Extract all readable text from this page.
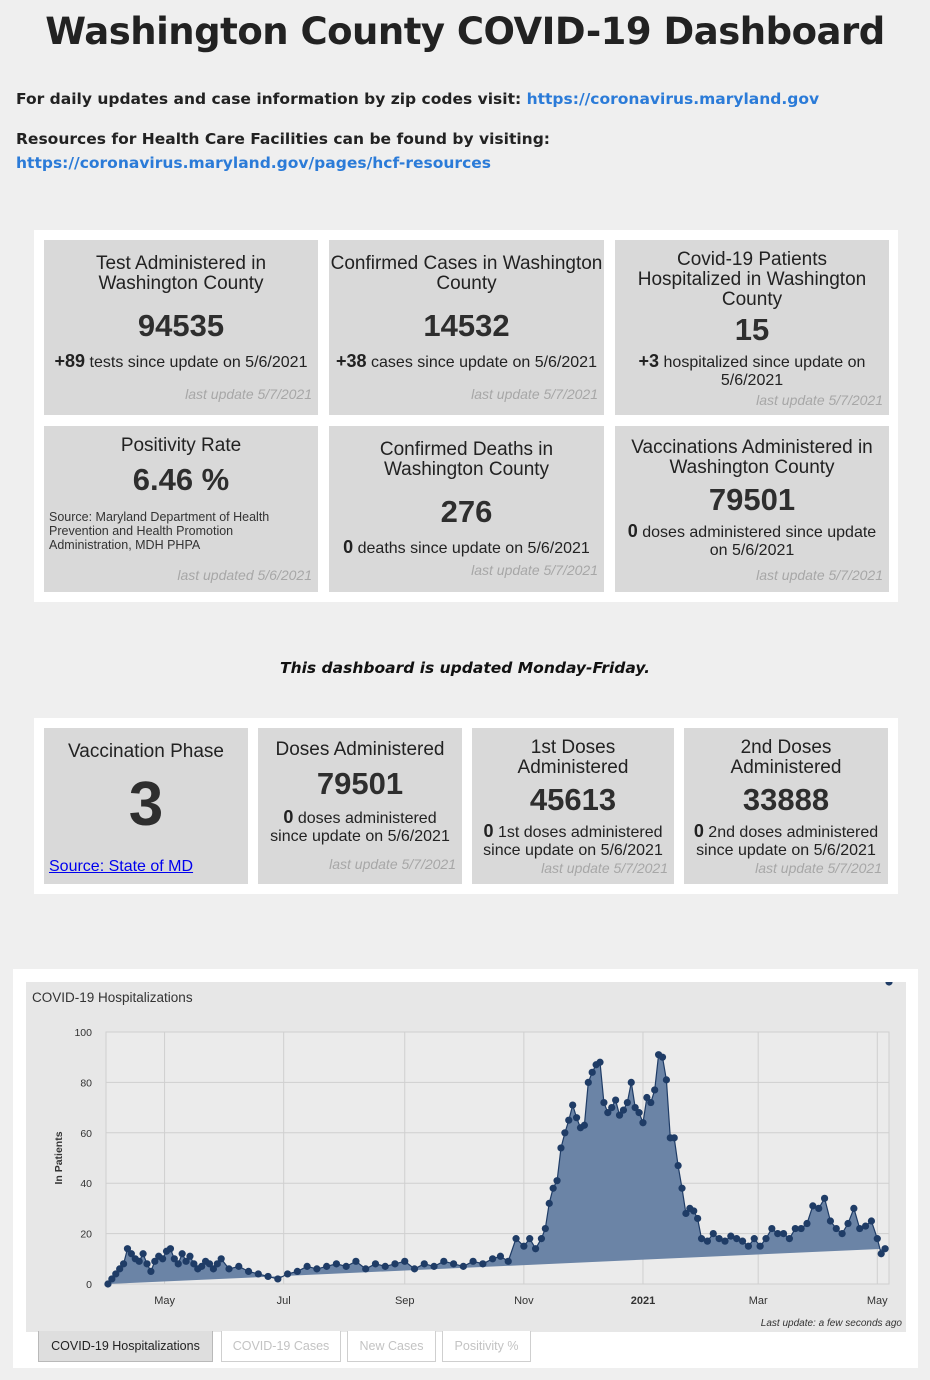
Washington County COVID-19 Dashboard
For daily updates and case information by zip codes visit: https://coronavirus.maryland.gov
Resources for Health Care Facilities can be found by visiting: https://coronavirus.maryland.gov/pages/hcf-resources
Test Administered in Washington County
94535
+89 tests since update on 5/6/2021
last update 5/7/2021
Confirmed Cases in Washington County
14532
+38 cases since update on 5/6/2021
last update 5/7/2021
Covid-19 Patients Hospitalized in Washington County
15
+3 hospitalized since update on 5/6/2021
last update 5/7/2021
Positivity Rate
6.46 %
Source: Maryland Department of Health Prevention and Health Promotion Administration, MDH PHPA
last updated 5/6/2021
Confirmed Deaths in Washington County
276
0 deaths since update on 5/6/2021
last update 5/7/2021
Vaccinations Administered in Washington County
79501
0 doses administered since update on 5/6/2021
last update 5/7/2021
This dashboard is updated Monday-Friday.
Vaccination Phase
3
Source: State of MD
Doses Administered
79501
0 doses administered since update on 5/6/2021
last update 5/7/2021
1st Doses Administered
45613
0 1st doses administered since update on 5/6/2021
last update 5/7/2021
2nd Doses Administered
33888
0 2nd doses administered since update on 5/6/2021
last update 5/7/2021
COVID-19 Hospitalizations
0
20
40
60
80
100
May	Jul	Sep	Nov	2021	Mar	May
In Patients
Last update: a few seconds ago
COVID-19 Hospitalizations	COVID-19 Cases	New Cases	Positivity %
